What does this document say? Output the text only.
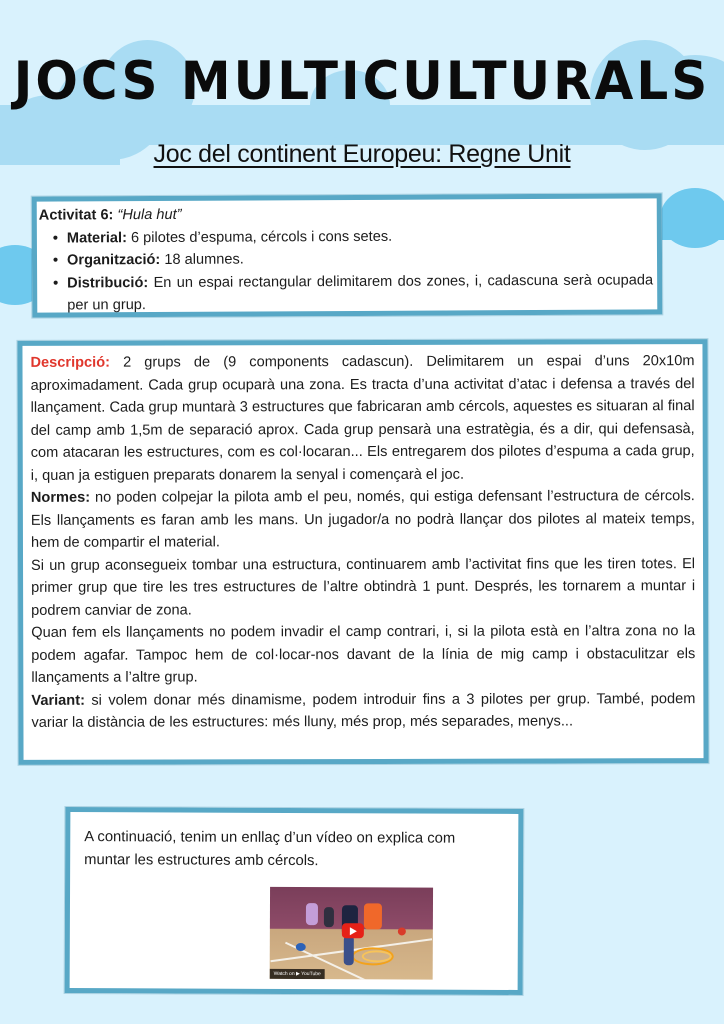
JOCS MULTICULTURALS
Joc del continent Europeu: Regne Unit
Activitat 6: “Hula hut”
• Material: 6 pilotes d’espuma, cércols i cons setes.
• Organització: 18 alumnes.
• Distribució: En un espai rectangular delimitarem dos zones, i, cadascuna serà ocupada per un grup.

Descripció: 2 grups de (9 components cadascun). Delimitarem un espai d’uns 20x10m aproximadament. Cada grup ocuparà una zona. Es tracta d’una activitat d’atac i defensa a través del llançament. Cada grup muntarà 3 estructures que fabricaran amb cércols, aquestes es situaran al final del camp amb 1,5m de separació aprox. Cada grup pensarà una estratègia, és a dir, qui defensasà, com atacaran les estructures, com es col·locaran... Els entregarem dos pilotes d’espuma a cada grup, i, quan ja estiguen preparats donarem la senyal i començarà el joc.

Normes: no poden colpejar la pilota amb el peu, només, qui estiga defensant l’estructura de cércols. Els llançaments es faran amb les mans. Un jugador/a no podrà llançar dos pilotes al mateix temps, hem de compartir el material.

Si un grup aconsegueix tombar una estructura, continuarem amb l’activitat fins que les tiren totes. El primer grup que tire les tres estructures de l’altre obtindrà 1 punt. Després, les tornarem a muntar i podrem canviar de zona.

Quan fem els llançaments no podem invadir el camp contrari, i, si la pilota està en l’altra zona no la podem agafar. Tampoc hem de col·locar-nos davant de la línia de mig camp i obstaculitzar els llançaments a l’altre grup.

Variant: si volem donar més dinamisme, podem introduir fins a 3 pilotes per grup. També, podem variar la distància de les estructures: més lluny, més prop, més separades, menys...

A continuació, tenim un enllaç d’un vídeo on explica com muntar les estructures amb cércols.
Watch on ▶ YouTube
